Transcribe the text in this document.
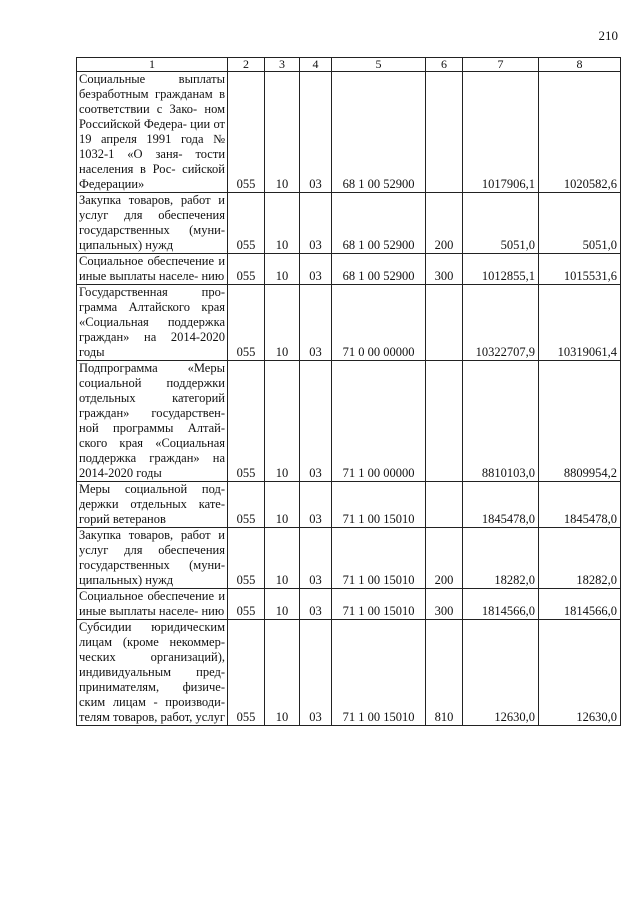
210
1	2	3	4	5	6	7	8
Социальные выплаты безработным гражданам в соответствии с Зако- ном Российской Федера- ции от 19 апреля 1991 года № 1032-1 «О заня- тости населения в Рос- сийской Федерации»	055	10	03	68 1 00 52900		1017906,1	1020582,6
Закупка товаров, работ и услуг для обеспечения государственных (муни- ципальных) нужд	055	10	03	68 1 00 52900	200	5051,0	5051,0
Социальное обеспечение и иные выплаты населе- нию	055	10	03	68 1 00 52900	300	1012855,1	1015531,6
Государственная про- грамма Алтайского края «Социальная поддержка граждан» на 2014-2020 годы	055	10	03	71 0 00 00000		10322707,9	10319061,4
Подпрограмма «Меры социальной поддержки отдельных категорий граждан» государствен- ной программы Алтай- ского края «Социальная поддержка граждан» на 2014-2020 годы	055	10	03	71 1 00 00000		8810103,0	8809954,2
Меры социальной под- держки отдельных кате- горий ветеранов	055	10	03	71 1 00 15010		1845478,0	1845478,0
Закупка товаров, работ и услуг для обеспечения государственных (муни- ципальных) нужд	055	10	03	71 1 00 15010	200	18282,0	18282,0
Социальное обеспечение и иные выплаты населе- нию	055	10	03	71 1 00 15010	300	1814566,0	1814566,0
Субсидии юридическим лицам (кроме некоммер- ческих организаций), индивидуальным пред- принимателям, физиче- ским лицам - производи- телям товаров, работ, услуг	055	10	03	71 1 00 15010	810	12630,0	12630,0
